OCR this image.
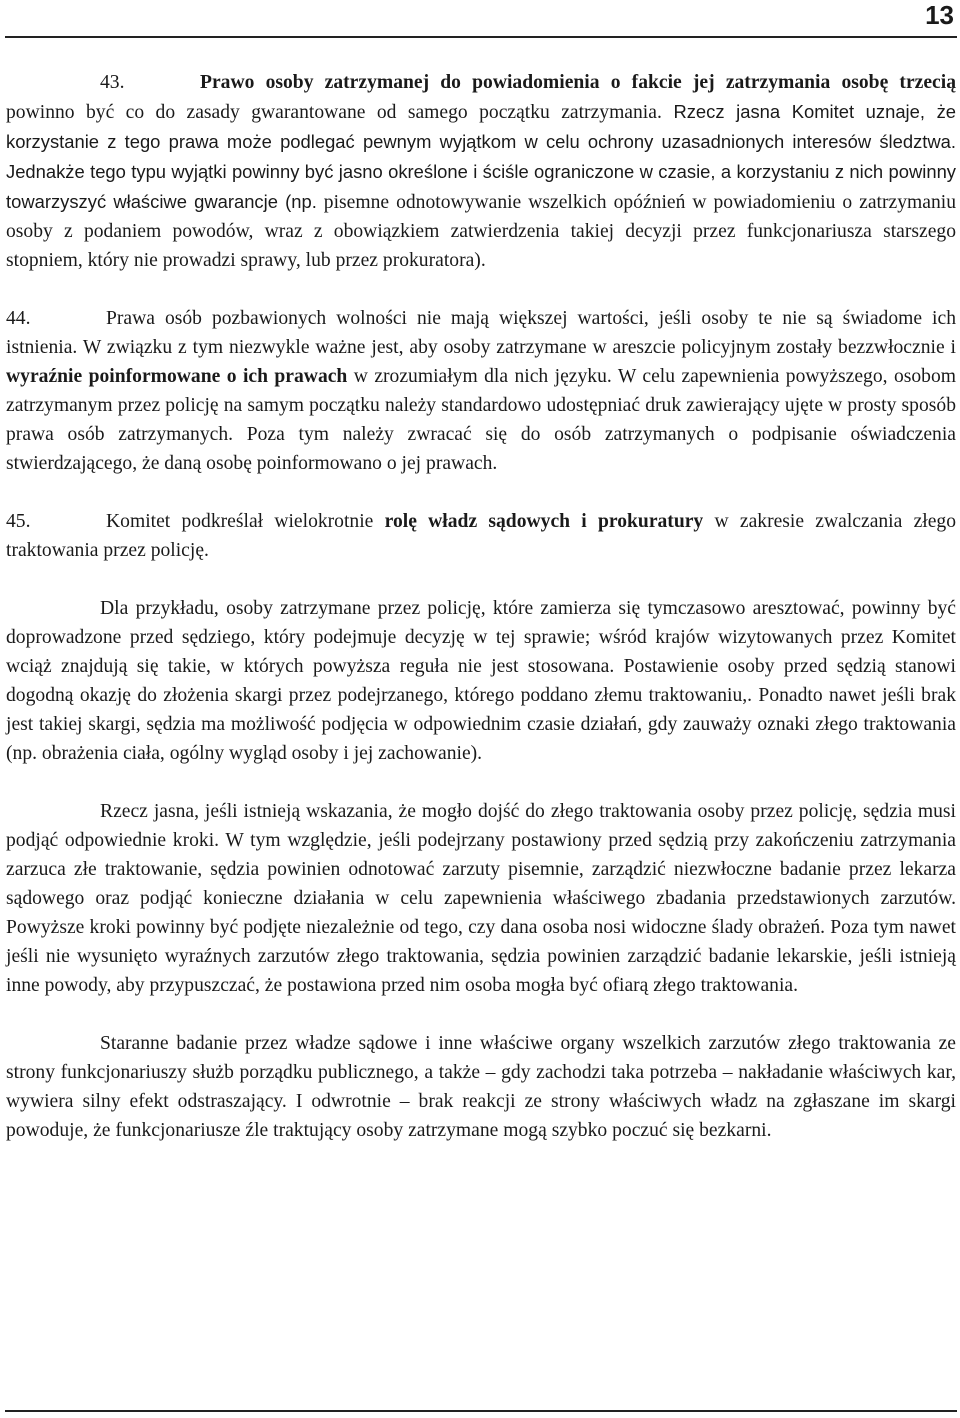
13

43.	Prawo osoby zatrzymanej do powiadomienia o fakcie jej zatrzymania osobę trzecią powinno być co do zasady gwarantowane od samego początku zatrzymania. Rzecz jasna Komitet uznaje, że korzystanie z tego prawa może podlegać pewnym wyjątkom w celu ochrony uzasadnionych interesów śledztwa. Jednakże tego typu wyjątki powinny być jasno określone i ściśle ograniczone w czasie, a korzystaniu z nich powinny towarzyszyć właściwe gwarancje (np. pisemne odnotowywanie wszelkich opóźnień w powiadomieniu o zatrzymaniu osoby z podaniem powodów, wraz z obowiązkiem zatwierdzenia takiej decyzji przez funkcjonariusza starszego stopniem, który nie prowadzi sprawy, lub przez prokuratora).

44.	Prawa osób pozbawionych wolności nie mają większej wartości, jeśli osoby te nie są świadome ich istnienia. W związku z tym niezwykle ważne jest, aby osoby zatrzymane w areszcie policyjnym zostały bezzwłocznie i wyraźnie poinformowane o ich prawach w zrozumiałym dla nich języku. W celu zapewnienia powyższego, osobom zatrzymanym przez policję na samym początku należy standardowo udostępniać druk zawierający ujęte w prosty sposób prawa osób zatrzymanych. Poza tym należy zwracać się do osób zatrzymanych o podpisanie oświadczenia stwierdzającego, że daną osobę poinformowano o jej prawach.

45.	Komitet podkreślał wielokrotnie rolę władz sądowych i prokuratury w zakresie zwalczania złego traktowania przez policję.

Dla przykładu, osoby zatrzymane przez policję, które zamierza się tymczasowo aresztować, powinny być doprowadzone przed sędziego, który podejmuje decyzję w tej sprawie; wśród krajów wizytowanych przez Komitet wciąż znajdują się takie, w których powyższa reguła nie jest stosowana. Postawienie osoby przed sędzią stanowi dogodną okazję do złożenia skargi przez podejrzanego, którego poddano złemu traktowaniu,. Ponadto nawet jeśli brak jest takiej skargi, sędzia ma możliwość podjęcia w odpowiednim czasie działań, gdy zauważy oznaki złego traktowania (np. obrażenia ciała, ogólny wygląd osoby i jej zachowanie).

Rzecz jasna, jeśli istnieją wskazania, że mogło dojść do złego traktowania osoby przez policję, sędzia musi podjąć odpowiednie kroki. W tym względzie, jeśli podejrzany postawiony przed sędzią przy zakończeniu zatrzymania zarzuca złe traktowanie, sędzia powinien odnotować zarzuty pisemnie, zarządzić niezwłoczne badanie przez lekarza sądowego oraz podjąć konieczne działania w celu zapewnienia właściwego zbadania przedstawionych zarzutów. Powyższe kroki powinny być podjęte niezależnie od tego, czy dana osoba nosi widoczne ślady obrażeń. Poza tym nawet jeśli nie wysunięto wyraźnych zarzutów złego traktowania, sędzia powinien zarządzić badanie lekarskie, jeśli istnieją inne powody, aby przypuszczać, że postawiona przed nim osoba mogła być ofiarą złego traktowania.

Staranne badanie przez władze sądowe i inne właściwe organy wszelkich zarzutów złego traktowania ze strony funkcjonariuszy służb porządku publicznego, a także – gdy zachodzi taka potrzeba – nakładanie właściwych kar, wywiera silny efekt odstraszający. I odwrotnie – brak reakcji ze strony właściwych władz na zgłaszane im skargi powoduje, że funkcjonariusze źle traktujący osoby zatrzymane mogą szybko poczuć się bezkarni.
